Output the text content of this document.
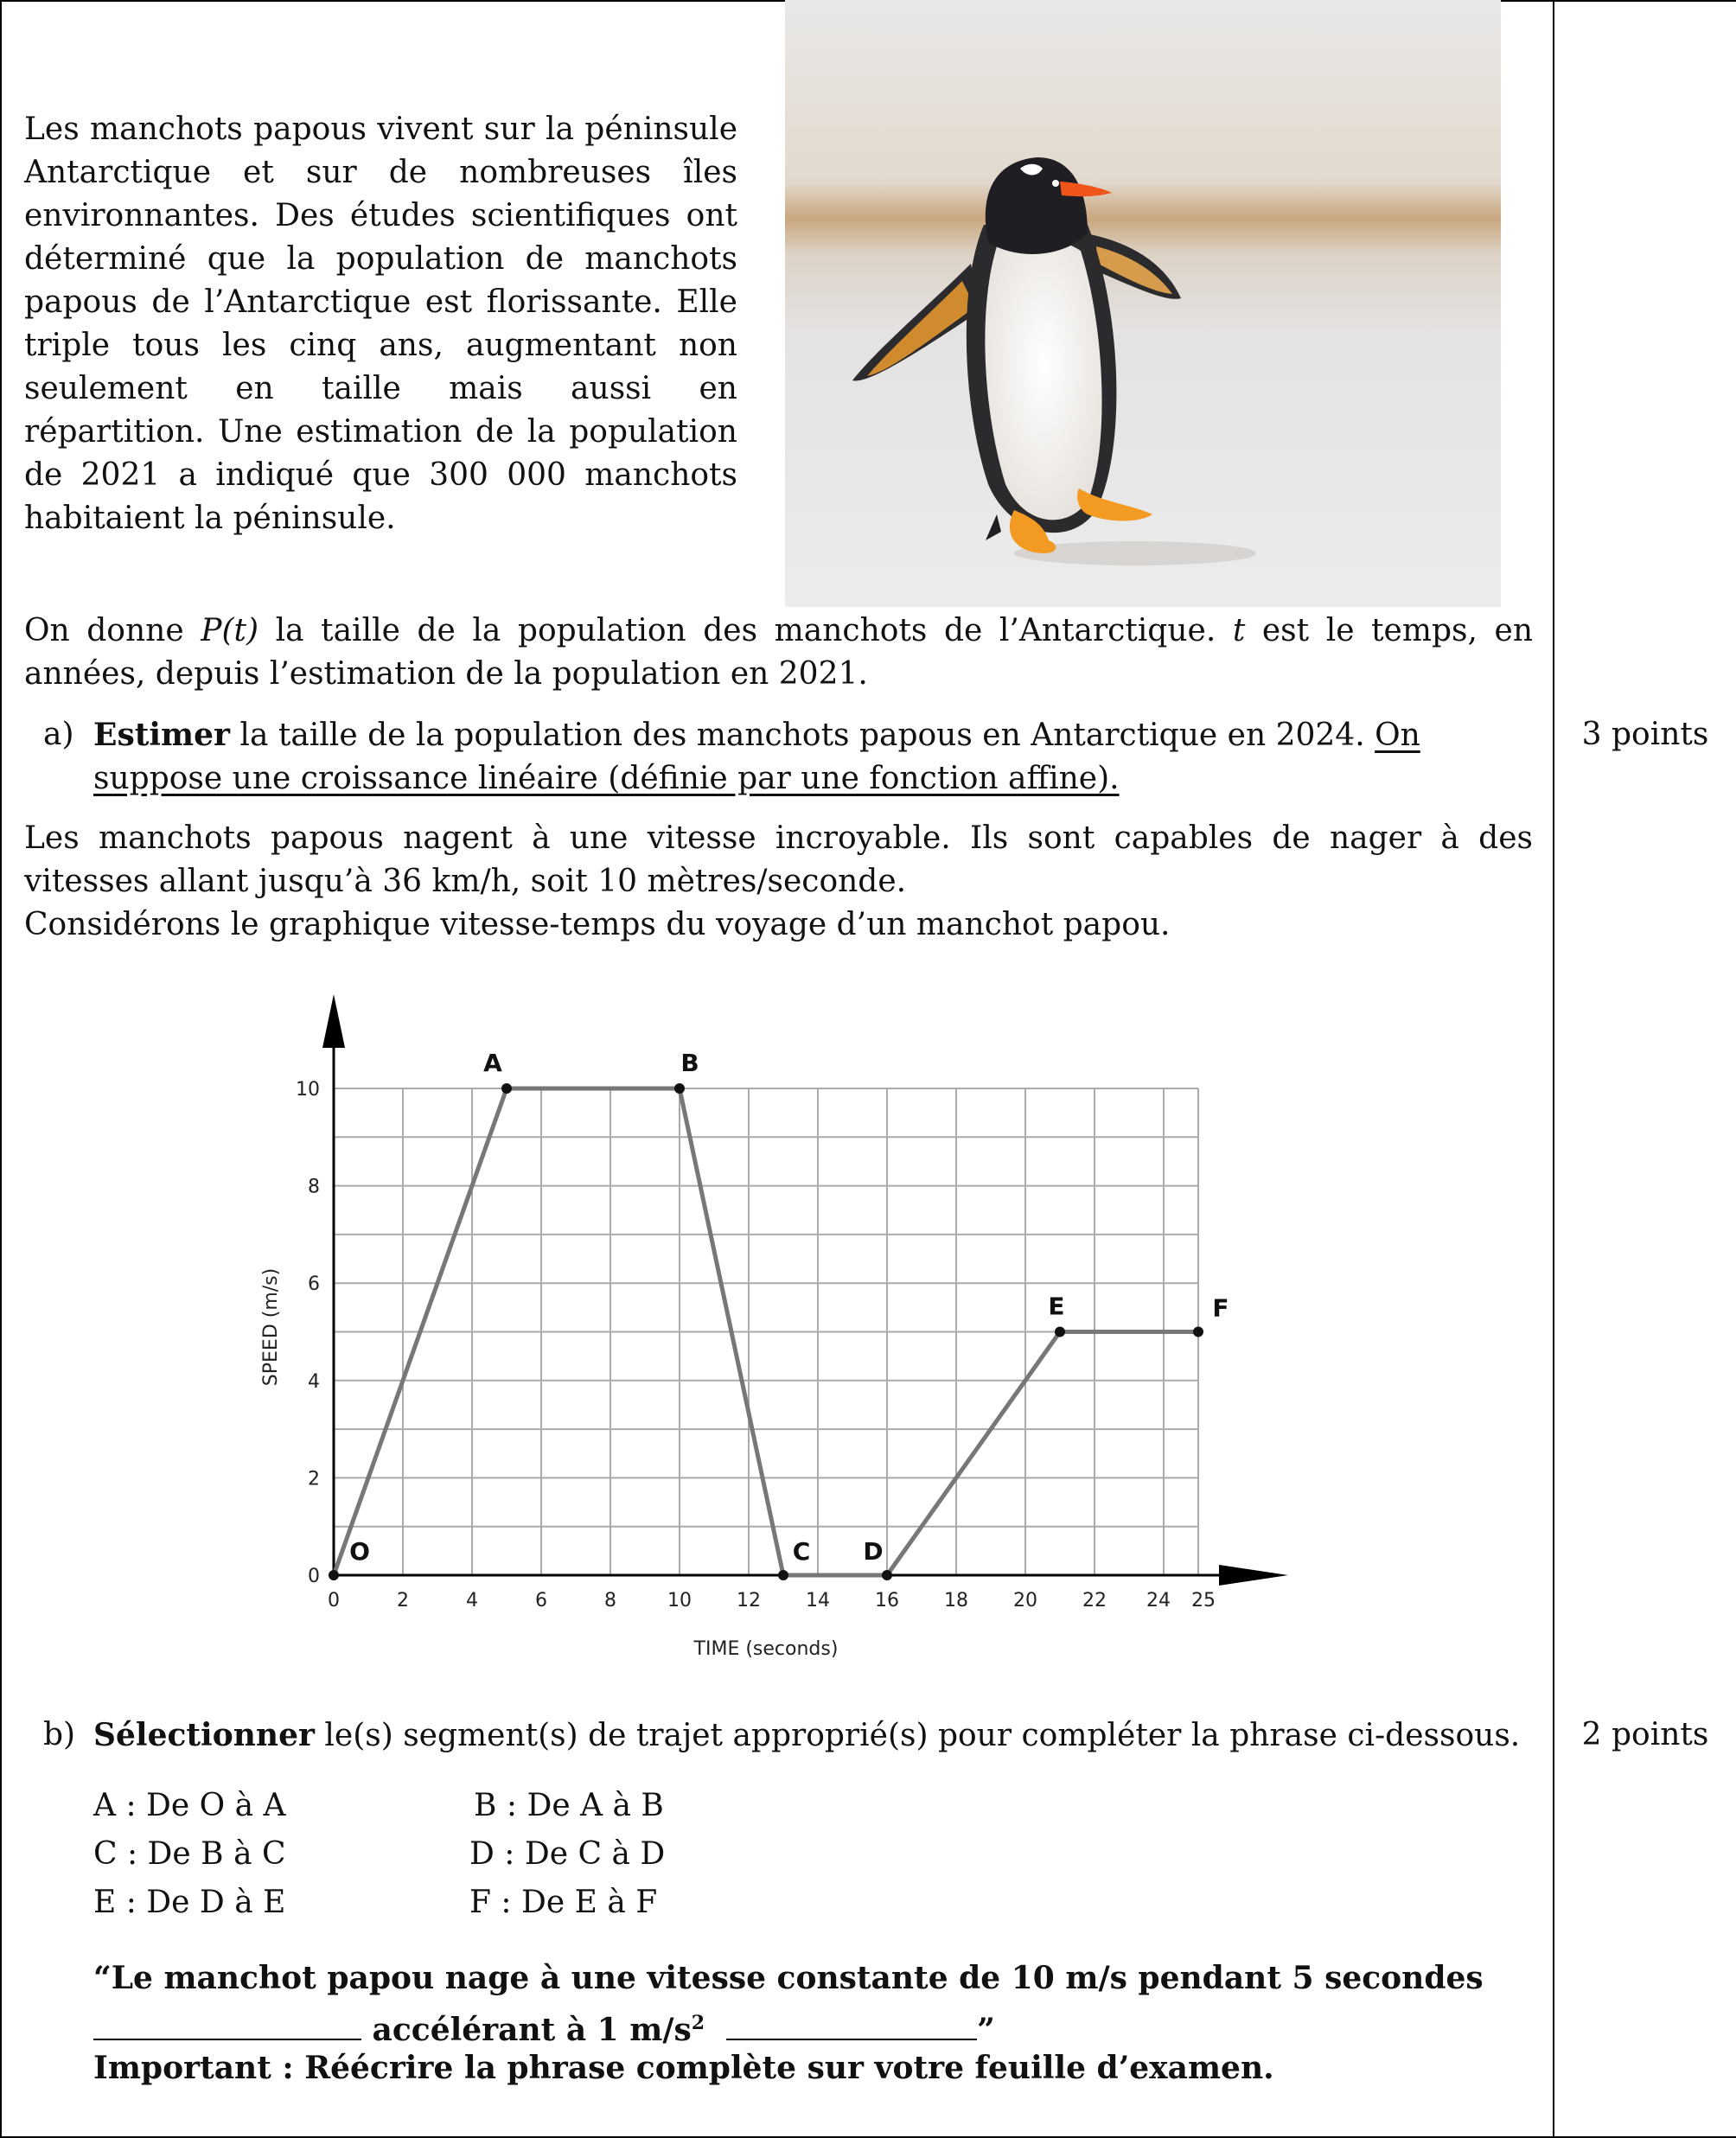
Les manchots papous vivent sur la péninsule Antarctique et sur de nombreuses îles environnantes. Des études scientifiques ont déterminé que la population de manchots papous de l’Antarctique est florissante. Elle triple tous les cinq ans, augmentant non seulement en taille mais aussi en répartition. Une estimation de la population de 2021 a indiqué que 300 000 manchots habitaient la péninsule.
On donne P(t) la taille de la population des manchots de l’Antarctique. t est le temps, en années, depuis l’estimation de la population en 2021.
a) Estimer la taille de la population des manchots papous en Antarctique en 2024. On suppose une croissance linéaire (définie par une fonction affine).
3 points
Les manchots papous nagent à une vitesse incroyable. Ils sont capables de nager à des vitesses allant jusqu’à 36 km/h, soit 10 mètres/seconde.
Considérons le graphique vitesse-temps du voyage d’un manchot papou.
0
2
4
6
8
10
0	2	4	6	8	10 12 14 16 18 20 22 24 25
TIME (seconds)
SPEED (m/s)
O
A	B
C D
E	F
b) Sélectionner le(s) segment(s) de trajet approprié(s) pour compléter la phrase ci-dessous.	2 points
A : De O à A	B : De A à B
C : De B à C	D : De C à D
E : De D à E	F : De E à F
“Le manchot papou nage à une vitesse constante de 10 m/s pendant 5 secondes
accélérant à 1 $m/s^2$	”
Important : Réécrire la phrase complète sur votre feuille d’examen.
